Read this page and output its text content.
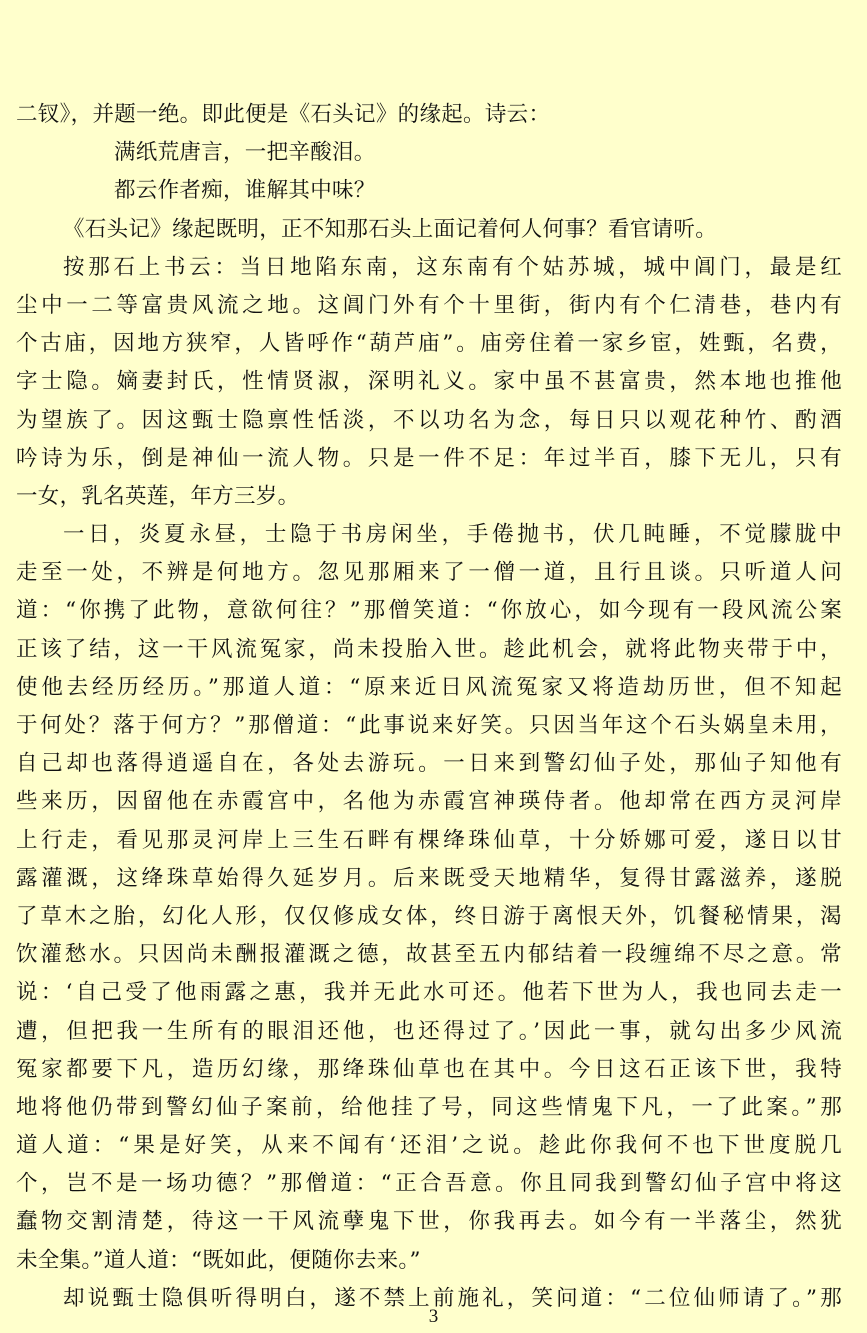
二钗》，并题一绝。即此便是《石头记》的缘起。诗云：
满纸荒唐言，一把辛酸泪。
都云作者痴，谁解其中味？
《石头记》缘起既明，正不知那石头上面记着何人何事？看官请听。
按那石上书云：当日地陷东南，这东南有个姑苏城，城中阊门，最是红
尘中一二等富贵风流之地。这阊门外有个十里街，街内有个仁清巷，巷内有
个古庙，因地方狭窄，人皆呼作“葫芦庙”。庙旁住着一家乡宦，姓甄，名费，
字士隐。嫡妻封氏，性情贤淑，深明礼义。家中虽不甚富贵，然本地也推他
为望族了。因这甄士隐禀性恬淡，不以功名为念，每日只以观花种竹、酌酒
吟诗为乐，倒是神仙一流人物。只是一件不足：年过半百，膝下无儿，只有
一女，乳名英莲，年方三岁。
一日，炎夏永昼，士隐于书房闲坐，手倦抛书，伏几盹睡，不觉朦胧中
走至一处，不辨是何地方。忽见那厢来了一僧一道，且行且谈。只听道人问
道：“你携了此物，意欲何往？”那僧笑道：“你放心，如今现有一段风流公案
正该了结，这一干风流冤家，尚未投胎入世。趁此机会，就将此物夹带于中，
使他去经历经历。”那道人道：“原来近日风流冤家又将造劫历世，但不知起
于何处？落于何方？”那僧道：“此事说来好笑。只因当年这个石头娲皇未用，
自己却也落得逍遥自在，各处去游玩。一日来到警幻仙子处，那仙子知他有
些来历，因留他在赤霞宫中，名他为赤霞宫神瑛侍者。他却常在西方灵河岸
上行走，看见那灵河岸上三生石畔有棵绛珠仙草，十分娇娜可爱，遂日以甘
露灌溉，这绛珠草始得久延岁月。后来既受天地精华，复得甘露滋养，遂脱
了草木之胎，幻化人形，仅仅修成女体，终日游于离恨天外，饥餐秘情果，渴
饮灌愁水。只因尚未酬报灌溉之德，故甚至五内郁结着一段缠绵不尽之意。常
说：‘自己受了他雨露之惠，我并无此水可还。他若下世为人，我也同去走一
遭，但把我一生所有的眼泪还他，也还得过了。’因此一事，就勾出多少风流
冤家都要下凡，造历幻缘，那绛珠仙草也在其中。今日这石正该下世，我特
地将他仍带到警幻仙子案前，给他挂了号，同这些情鬼下凡，一了此案。”那
道人道：“果是好笑，从来不闻有‘还泪’之说。趁此你我何不也下世度脱几
个，岂不是一场功德？”那僧道：“正合吾意。你且同我到警幻仙子宫中将这
蠢物交割清楚，待这一干风流孽鬼下世，你我再去。如今有一半落尘，然犹
未全集。”道人道：“既如此，便随你去来。”
却说甄士隐俱听得明白，遂不禁上前施礼，笑问道：“二位仙师请了。”那
3
